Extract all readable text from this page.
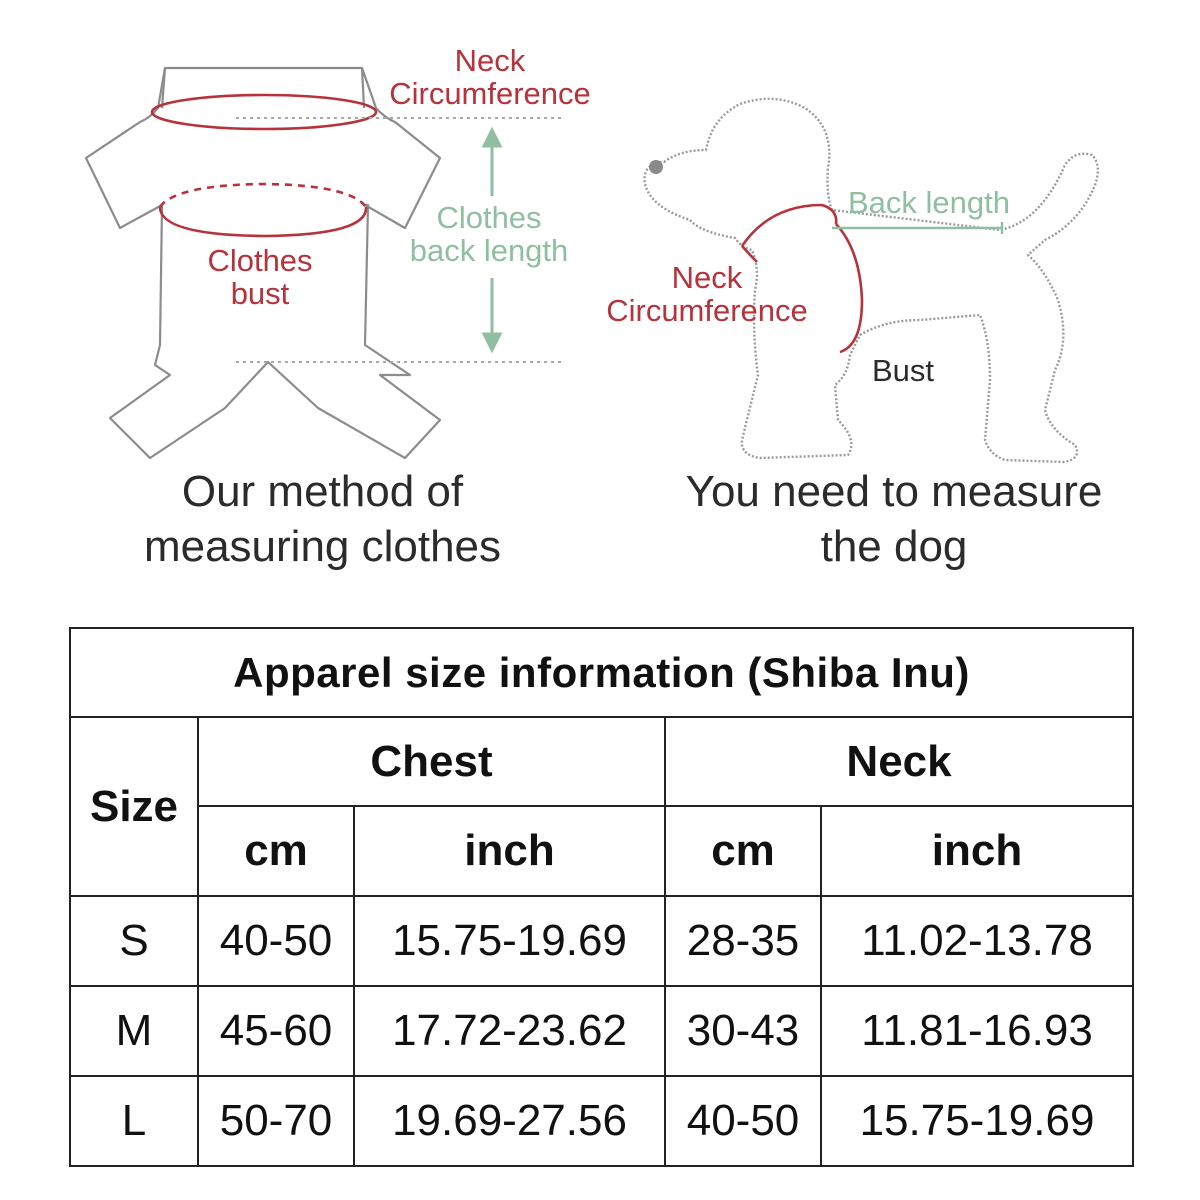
Neck
Circumference
Clothes
back length
Clothes
bust
Our method of
measuring clothes
Back length
Neck
Circumference
Bust
You need to measure
the dog
Apparel size information (Shiba Inu)				
Size	Chest		Neck	
	cm	inch	cm	inch
S	40-50	15.75-19.69	28-35	11.02-13.78
M	45-60	17.72-23.62	30-43	11.81-16.93
L	50-70	19.69-27.56	40-50	15.75-19.69
